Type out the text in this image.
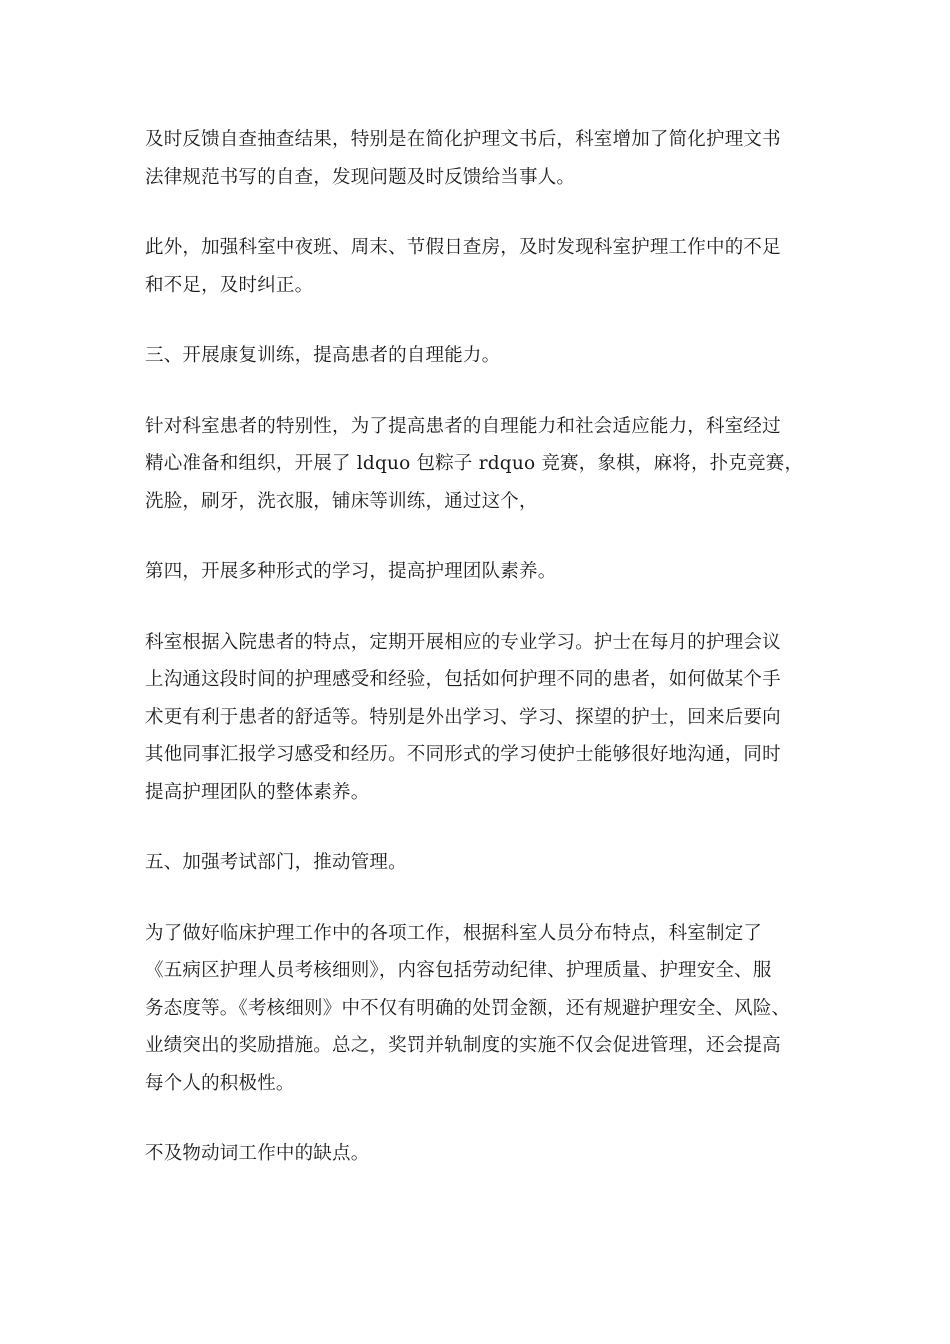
及时反馈自查抽查结果，特别是在简化护理文书后，科室增加了简化护理文书
法律规范书写的自查，发现问题及时反馈给当事人。

此外，加强科室中夜班、周末、节假日查房，及时发现科室护理工作中的不足
和不足，及时纠正。

三、开展康复训练，提高患者的自理能力。

针对科室患者的特别性，为了提高患者的自理能力和社会适应能力，科室经过
精心准备和组织，开展了 ldquo 包粽子 rdquo 竞赛，象棋，麻将，扑克竞赛，
洗脸，刷牙，洗衣服，铺床等训练，通过这个，

第四，开展多种形式的学习，提高护理团队素养。

科室根据入院患者的特点，定期开展相应的专业学习。护士在每月的护理会议
上沟通这段时间的护理感受和经验，包括如何护理不同的患者，如何做某个手
术更有利于患者的舒适等。特别是外出学习、学习、探望的护士，回来后要向
其他同事汇报学习感受和经历。不同形式的学习使护士能够很好地沟通，同时
提高护理团队的整体素养。

五、加强考试部门，推动管理。

为了做好临床护理工作中的各项工作，根据科室人员分布特点，科室制定了
《五病区护理人员考核细则》，内容包括劳动纪律、护理质量、护理安全、服
务态度等。《考核细则》中不仅有明确的处罚金额，还有规避护理安全、风险、
业绩突出的奖励措施。总之，奖罚并轨制度的实施不仅会促进管理，还会提高
每个人的积极性。

不及物动词工作中的缺点。
